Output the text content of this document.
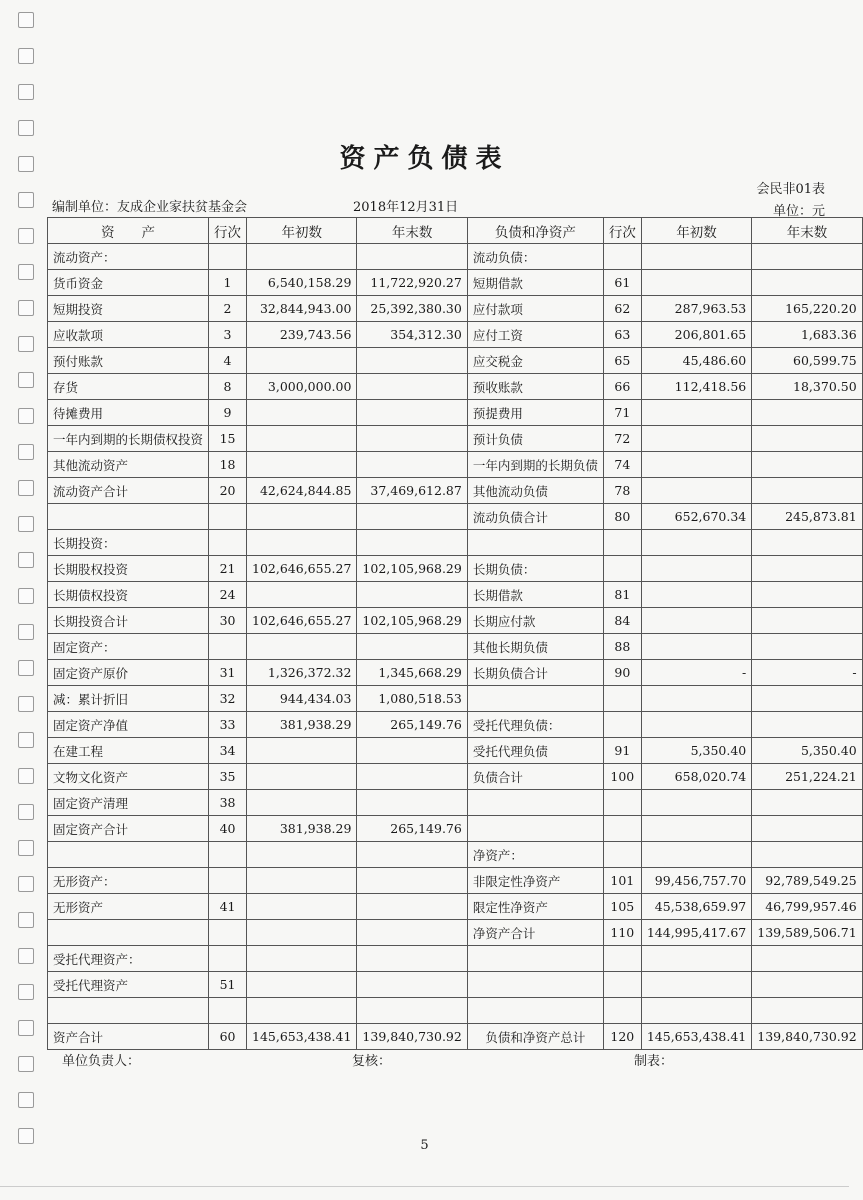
资产负债表
会民非01表
编制单位：友成企业家扶贫基金会	2018年12月31日	单位：元
资　　产	行次	年初数	年末数	负债和净资产	行次	年初数	年末数
流动资产：				流动负债：			
货币资金	1	6,540,158.29	11,722,920.27	短期借款	61		
短期投资	2	32,844,943.00	25,392,380.30	应付款项	62	287,963.53	165,220.20
应收款项	3	239,743.56	354,312.30	应付工资	63	206,801.65	1,683.36
预付账款	4			应交税金	65	45,486.60	60,599.75
存货	8	3,000,000.00		预收账款	66	112,418.56	18,370.50
待摊费用	9			预提费用	71		
一年内到期的长期债权投资	15			预计负债	72		
其他流动资产	18			一年内到期的长期负债	74		
流动资产合计	20	42,624,844.85	37,469,612.87	其他流动负债	78		
				流动负债合计	80	652,670.34	245,873.81
长期投资：							
长期股权投资	21	102,646,655.27	102,105,968.29	长期负债：			
长期债权投资	24			长期借款	81		
长期投资合计	30	102,646,655.27	102,105,968.29	长期应付款	84		
固定资产：				其他长期负债	88		
固定资产原价	31	1,326,372.32	1,345,668.29	长期负债合计	90	-	-
减：累计折旧	32	944,434.03	1,080,518.53				
固定资产净值	33	381,938.29	265,149.76	受托代理负债：			
在建工程	34			受托代理负债	91	5,350.40	5,350.40
文物文化资产	35			负债合计	100	658,020.74	251,224.21
固定资产清理	38						
固定资产合计	40	381,938.29	265,149.76				
				净资产：			
无形资产：				非限定性净资产	101	99,456,757.70	92,789,549.25
无形资产	41			限定性净资产	105	45,538,659.97	46,799,957.46
				净资产合计	110	144,995,417.67	139,589,506.71
受托代理资产：							
受托代理资产	51						

资产合计	60	145,653,438.41	139,840,730.92	负债和净资产总计	120	145,653,438.41	139,840,730.92
单位负责人：	复核：	制表：
5
